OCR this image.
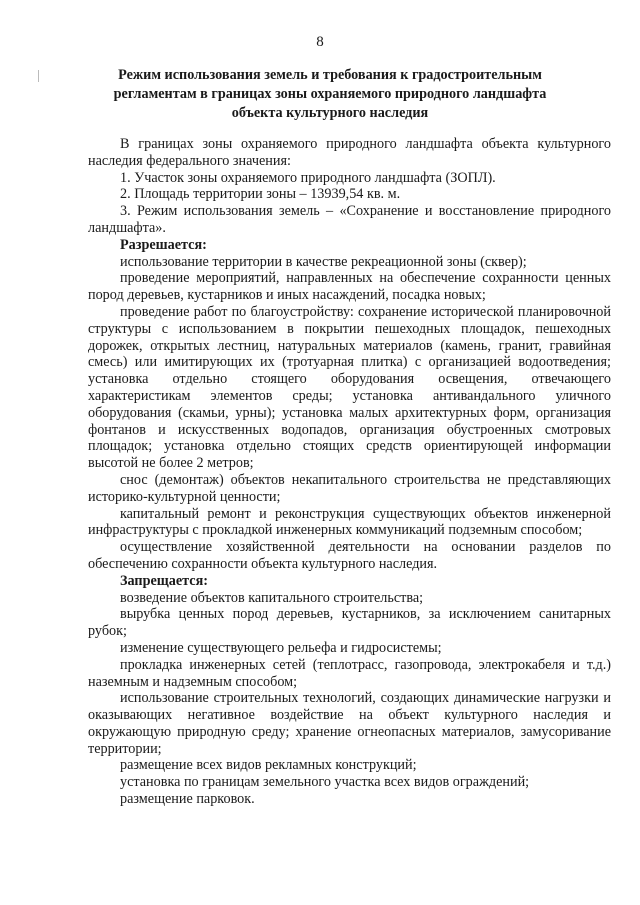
8
Режим использования земель и требования к градостроительным регламентам в границах зоны охраняемого природного ландшафта объекта культурного наследия

В границах зоны охраняемого природного ландшафта объекта культурного наследия федерального значения:

1. Участок зоны охраняемого природного ландшафта (ЗОПЛ).

2. Площадь территории зоны – 13939,54 кв. м.

3. Режим использования земель – «Сохранение и восстановление природного ландшафта».

Разрешается:

использование территории в качестве рекреационной зоны (сквер);

проведение мероприятий, направленных на обеспечение сохранности ценных пород деревьев, кустарников и иных насаждений, посадка новых;

проведение работ по благоустройству: сохранение исторической планировочной структуры с использованием в покрытии пешеходных площадок, пешеходных дорожек, открытых лестниц, натуральных материалов (камень, гранит, гравийная смесь) или имитирующих их (тротуарная плитка) с организацией водоотведения; установка отдельно стоящего оборудования освещения, отвечающего характеристикам элементов среды; установка антивандального уличного оборудования (скамьи, урны); установка малых архитектурных форм, организация фонтанов и искусственных водопадов, организация обустроенных смотровых площадок; установка отдельно стоящих средств ориентирующей информации высотой не более 2 метров;

снос (демонтаж) объектов некапитального строительства не представляющих историко-культурной ценности;

капитальный ремонт и реконструкция существующих объектов инженерной инфраструктуры с прокладкой инженерных коммуникаций подземным способом;

осуществление хозяйственной деятельности на основании разделов по обеспечению сохранности объекта культурного наследия.

Запрещается:

возведение объектов капитального строительства;

вырубка ценных пород деревьев, кустарников, за исключением санитарных рубок;

изменение существующего рельефа и гидросистемы;

прокладка инженерных сетей (теплотрасс, газопровода, электрокабеля и т.д.) наземным и надземным способом;

использование строительных технологий, создающих динамические нагрузки и оказывающих негативное воздействие на объект культурного наследия и окружающую природную среду; хранение огнеопасных материалов, замусоривание территории;

размещение всех видов рекламных конструкций;

установка по границам земельного участка всех видов ограждений;

размещение парковок.
